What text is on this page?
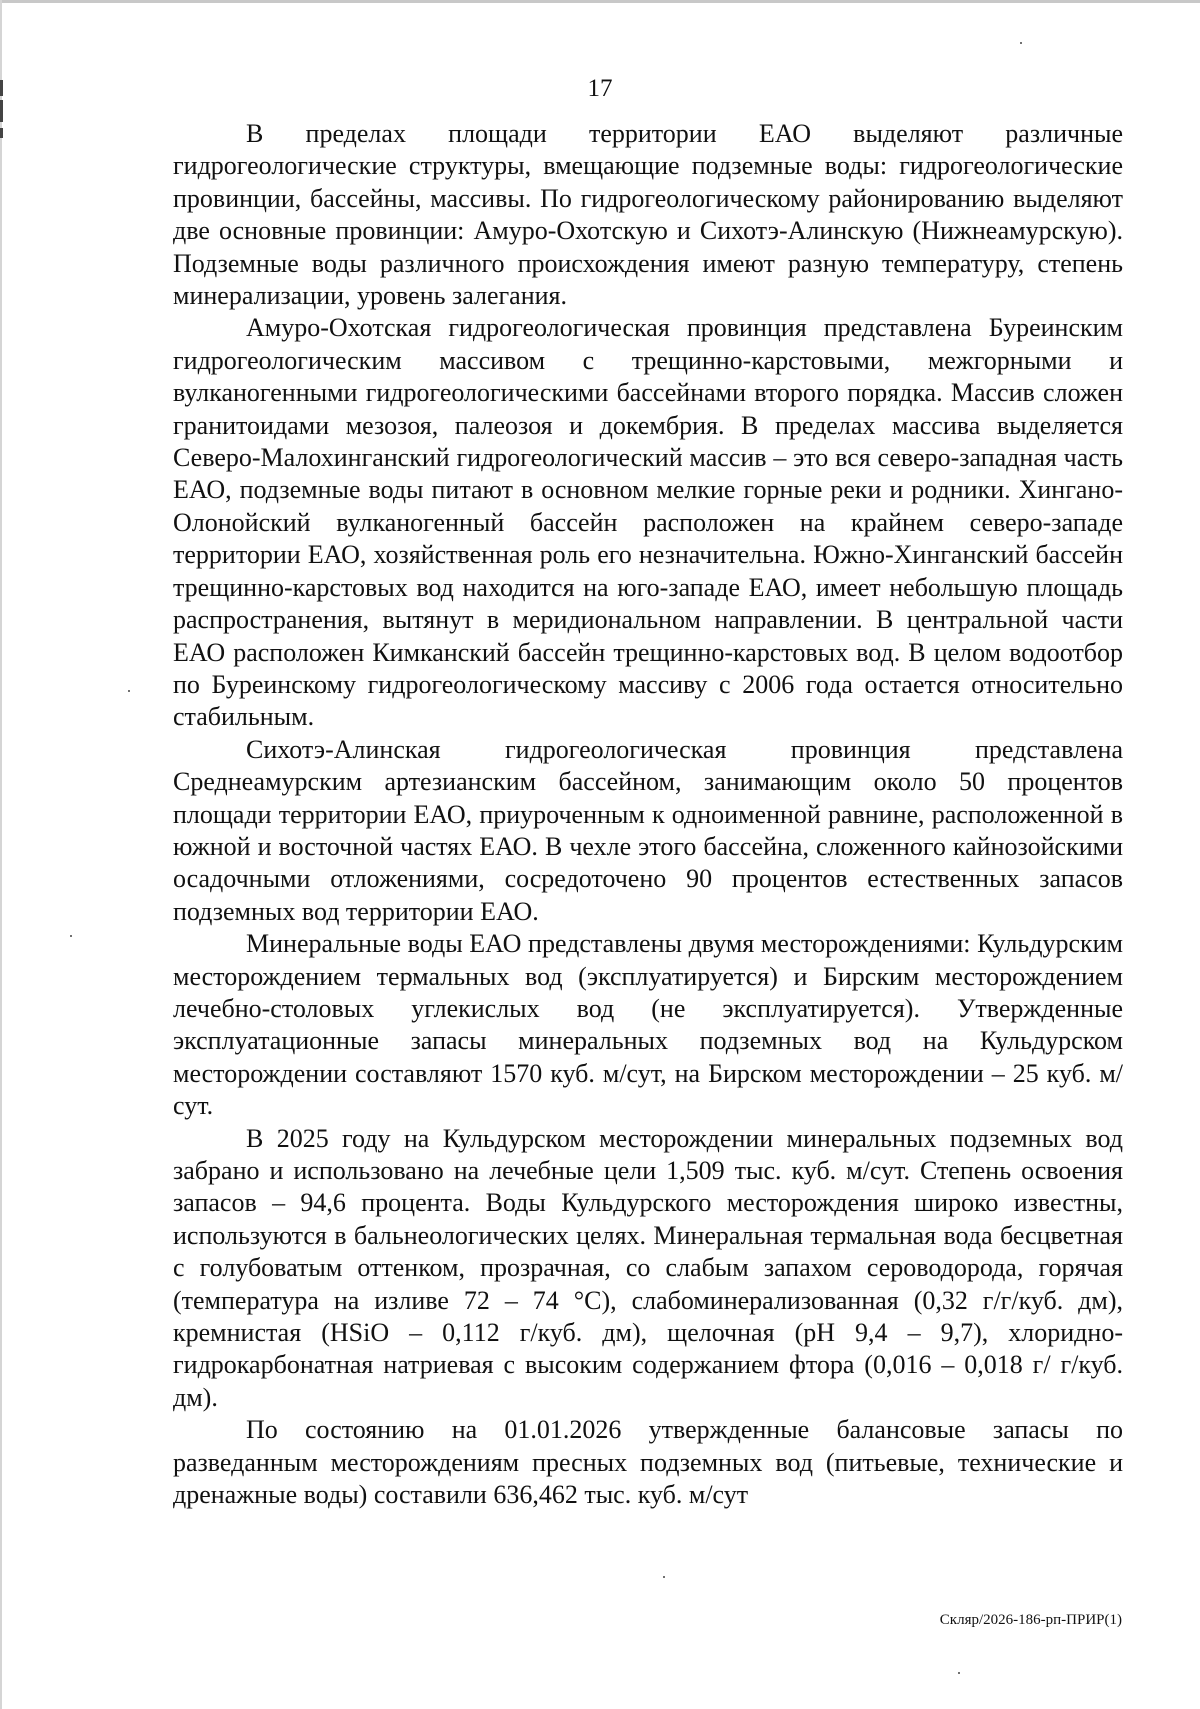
17

В пределах площади территории ЕАО выделяют различные гидрогеологические структуры, вмещающие подземные воды: гидрогеологические провинции, бассейны, массивы. По гидрогеологическому районированию выделяют две основные провинции: Амуро-Охотскую и Сихотэ-Алинскую (Нижнеамурскую). Подземные воды различного происхождения имеют разную температуру, степень минерализации, уровень залегания.

Амуро-Охотская гидрогеологическая провинция представлена Буреинским гидрогеологическим массивом с трещинно-карстовыми, межгорными и вулканогенными гидрогеологическими бассейнами второго порядка. Массив сложен гранитоидами мезозоя, палеозоя и докембрия. В пределах массива выделяется Северо-Малохинганский гидрогеологический массив – это вся северо-западная часть ЕАО, подземные воды питают в основном мелкие горные реки и родники. Хингано-Олонойский вулканогенный бассейн расположен на крайнем северо-западе территории ЕАО, хозяйственная роль его незначительна. Южно-Хинганский бассейн трещинно-карстовых вод находится на юго-западе ЕАО, имеет небольшую площадь распространения, вытянут в меридиональном направлении. В центральной части ЕАО расположен Кимканский бассейн трещинно-карстовых вод. В целом водоотбор по Буреинскому гидрогеологическому массиву с 2006 года остается относительно стабильным.

Сихотэ-Алинская гидрогеологическая провинция представлена Среднеамурским артезианским бассейном, занимающим около 50 процентов площади территории ЕАО, приуроченным к одноименной равнине, расположенной в южной и восточной частях ЕАО. В чехле этого бассейна, сложенного кайнозойскими осадочными отложениями, сосредоточено 90 процентов естественных запасов подземных вод территории ЕАО.

Минеральные воды ЕАО представлены двумя месторождениями: Кульдурским месторождением термальных вод (эксплуатируется) и Бирским месторождением лечебно-столовых углекислых вод (не эксплуатируется). Утвержденные эксплуатационные запасы минеральных подземных вод на Кульдурском месторождении составляют 1570 куб. м/сут, на Бирском месторождении – 25 куб. м/сут.

В 2025 году на Кульдурском месторождении минеральных подземных вод забрано и использовано на лечебные цели 1,509 тыс. куб. м/сут. Степень освоения запасов – 94,6 процента. Воды Кульдурского месторождения широко известны, используются в бальнеологических целях. Минеральная термальная вода бесцветная с голубоватым оттенком, прозрачная, со слабым запахом сероводорода, горячая (температура на изливе 72 – 74 °С), слабоминерализованная (0,32 г/г/куб. дм), кремнистая (HSiO – 0,112 г/куб. дм), щелочная (pH 9,4 – 9,7), хлоридно-гидрокарбонатная натриевая с высоким содержанием фтора (0,016 – 0,018 г/ г/куб. дм).

По состоянию на 01.01.2026 утвержденные балансовые запасы по разведанным месторождениям пресных подземных вод (питьевые, технические и дренажные воды) составили 636,462 тыс. куб. м/сут

Скляр/2026-186-рп-ПРИР(1)
